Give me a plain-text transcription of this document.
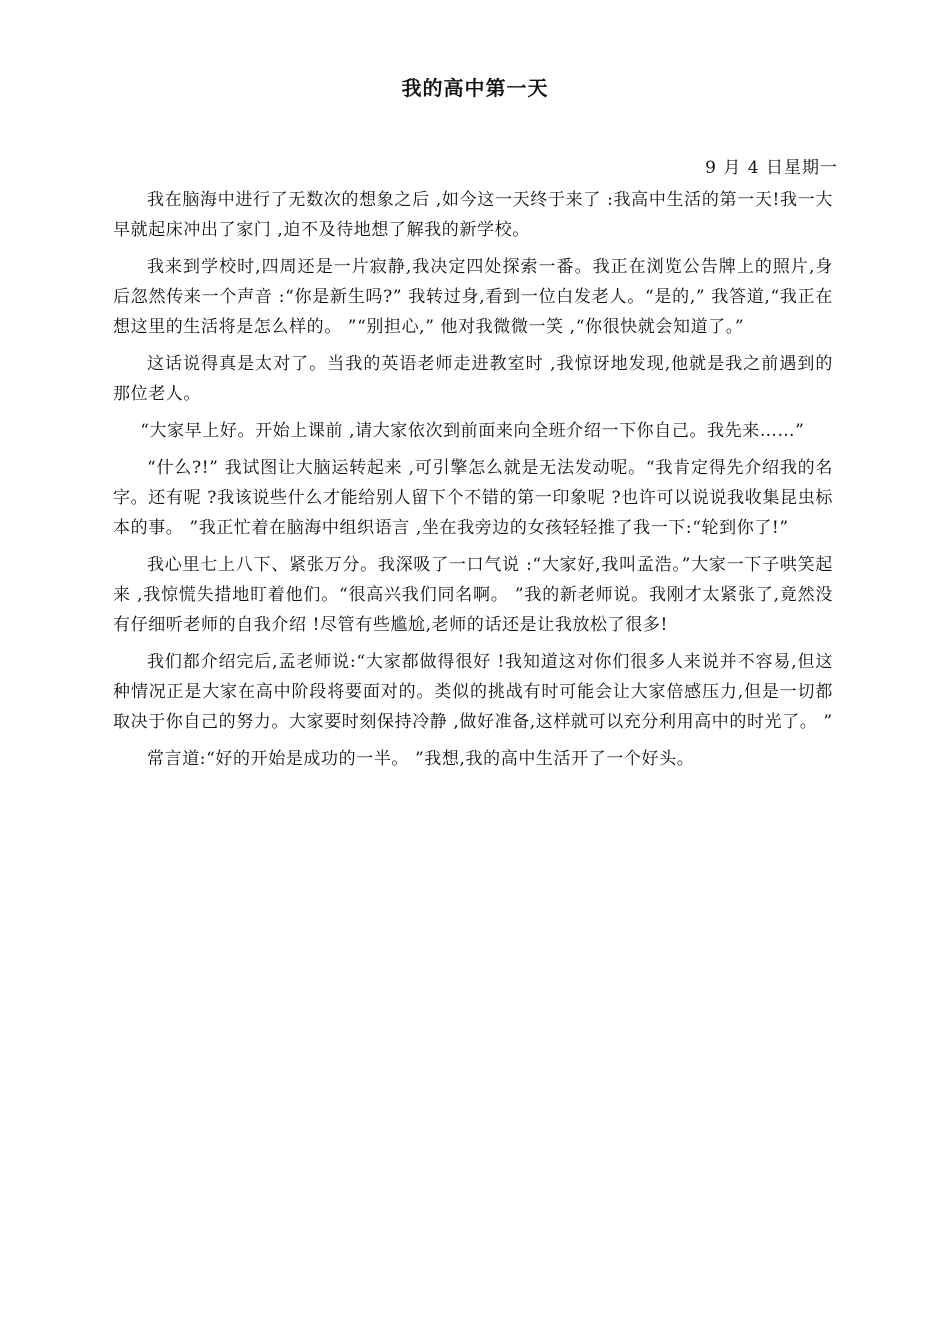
我的高中第一天
9 月 4 日星期一

我在脑海中进行了无数次的想象之后 ,如今这一天终于来了 :我高中生活的第一天!我一大早就起床冲出了家门 ,迫不及待地想了解我的新学校。

我来到学校时,四周还是一片寂静,我决定四处探索一番。我正在浏览公告牌上的照片,身后忽然传来一个声音 :“你是新生吗?” 我转过身,看到一位白发老人。“是的,” 我答道,“我正在想这里的生活将是怎么样的。 ”“别担心,” 他对我微微一笑 ,“你很快就会知道了。”

这话说得真是太对了。当我的英语老师走进教室时 ,我惊讶地发现,他就是我之前遇到的那位老人。

“大家早上好。开始上课前 ,请大家依次到前面来向全班介绍一下你自己。我先来……”

“什么?!” 我试图让大脑运转起来 ,可引擎怎么就是无法发动呢。“我肯定得先介绍我的名字。还有呢 ?我该说些什么才能给别人留下个不错的第一印象呢 ?也许可以说说我收集昆虫标本的事。 ”我正忙着在脑海中组织语言 ,坐在我旁边的女孩轻轻推了我一下:“轮到你了!”

我心里七上八下、紧张万分。我深吸了一口气说 :“大家好,我叫孟浩。”大家一下子哄笑起来 ,我惊慌失措地盯着他们。“很高兴我们同名啊。 ”我的新老师说。我刚才太紧张了,竟然没有仔细听老师的自我介绍 !尽管有些尴尬,老师的话还是让我放松了很多!

我们都介绍完后,孟老师说:“大家都做得很好 !我知道这对你们很多人来说并不容易,但这种情况正是大家在高中阶段将要面对的。类似的挑战有时可能会让大家倍感压力,但是一切都取决于你自己的努力。大家要时刻保持冷静 ,做好准备,这样就可以充分利用高中的时光了。 ”

常言道:“好的开始是成功的一半。 ”我想,我的高中生活开了一个好头。
